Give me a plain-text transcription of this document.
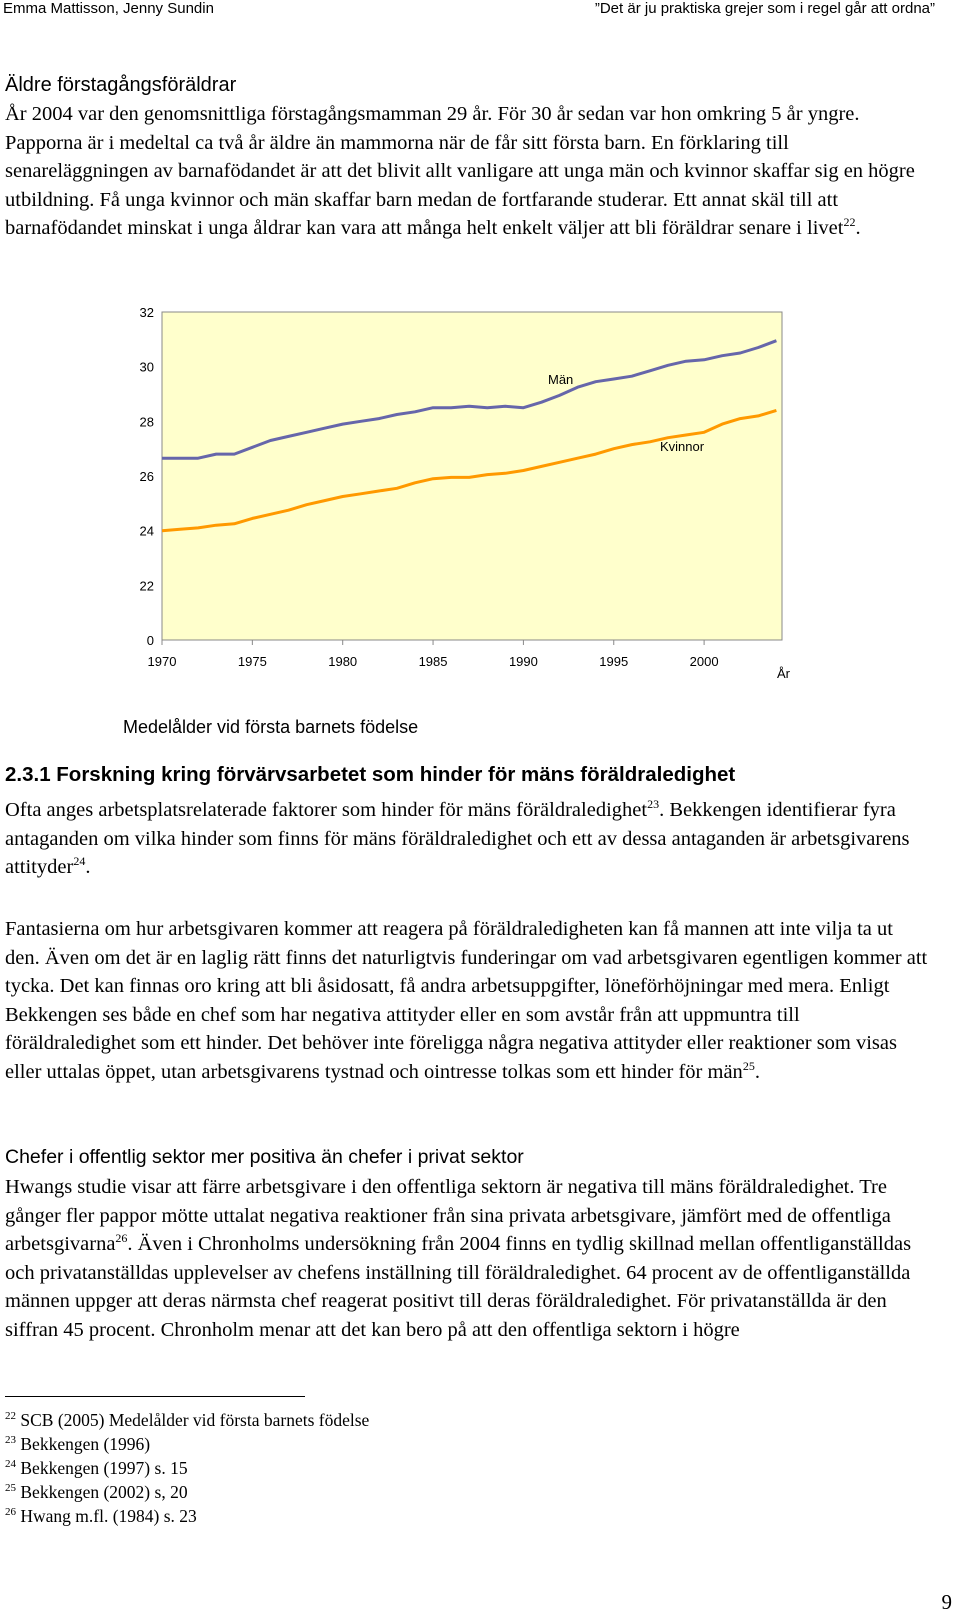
Emma Mattisson, Jenny Sundin	”Det är ju praktiska grejer som i regel går att ordna”
Äldre förstagångsföräldrar

År 2004 var den genomsnittliga förstagångsmamman 29 år. För 30 år sedan var hon omkring 5 år yngre. Papporna är i medeltal ca två år äldre än mammorna när de får sitt första barn. En förklaring till senareläggningen av barnafödandet är att det blivit allt vanligare att unga män och kvinnor skaffar sig en högre utbildning. Få unga kvinnor och män skaffar barn medan de fortfarande studerar. Ett annat skäl till att barnafödandet minskat i unga åldrar kan vara att många helt enkelt väljer att bli föräldrar senare i livet$^{22}$.

32
30
28
26
24
22
0
1970	1975	1980	1985	1990	1995	2000
Män
Kvinnor
År
Medelålder vid första barnets födelse
2.3.1 Forskning kring förvärvsarbetet som hinder för mäns föräldraledighet

Ofta anges arbetsplatsrelaterade faktorer som hinder för mäns föräldraledighet$^{23}$. Bekkengen identifierar fyra antaganden om vilka hinder som finns för mäns föräldraledighet och ett av dessa antaganden är arbetsgivarens attityder$^{24}$.

Fantasierna om hur arbetsgivaren kommer att reagera på föräldraledigheten kan få mannen att inte vilja ta ut den. Även om det är en laglig rätt finns det naturligtvis funderingar om vad arbetsgivaren egentligen kommer att tycka. Det kan finnas oro kring att bli åsidosatt, få andra arbetsuppgifter, löneförhöjningar med mera. Enligt Bekkengen ses både en chef som har negativa attityder eller en som avstår från att uppmuntra till föräldraledighet som ett hinder. Det behöver inte föreligga några negativa attityder eller reaktioner som visas eller uttalas öppet, utan arbetsgivarens tystnad och ointresse tolkas som ett hinder för män$^{25}$.

Chefer i offentlig sektor mer positiva än chefer i privat sektor

Hwangs studie visar att färre arbetsgivare i den offentliga sektorn är negativa till mäns föräldraledighet. Tre gånger fler pappor mötte uttalat negativa reaktioner från sina privata arbetsgivare, jämfört med de offentliga arbetsgivarna$^{26}$. Även i Chronholms undersökning från 2004 finns en tydlig skillnad mellan offentliganställdas och privatanställdas upplevelser av chefens inställning till föräldraledighet. 64 procent av de offentliganställda männen uppger att deras närmsta chef reagerat positivt till deras föräldraledighet. För privatanställda är den siffran 45 procent. Chronholm menar att det kan bero på att den offentliga sektorn i högre

$^{22}$ SCB (2005) Medelålder vid första barnets födelse
$^{23}$ Bekkengen (1996)
$^{24}$ Bekkengen (1997) s. 15
$^{25}$ Bekkengen (2002) s, 20
$^{26}$ Hwang m.fl. (1984) s. 23
9
